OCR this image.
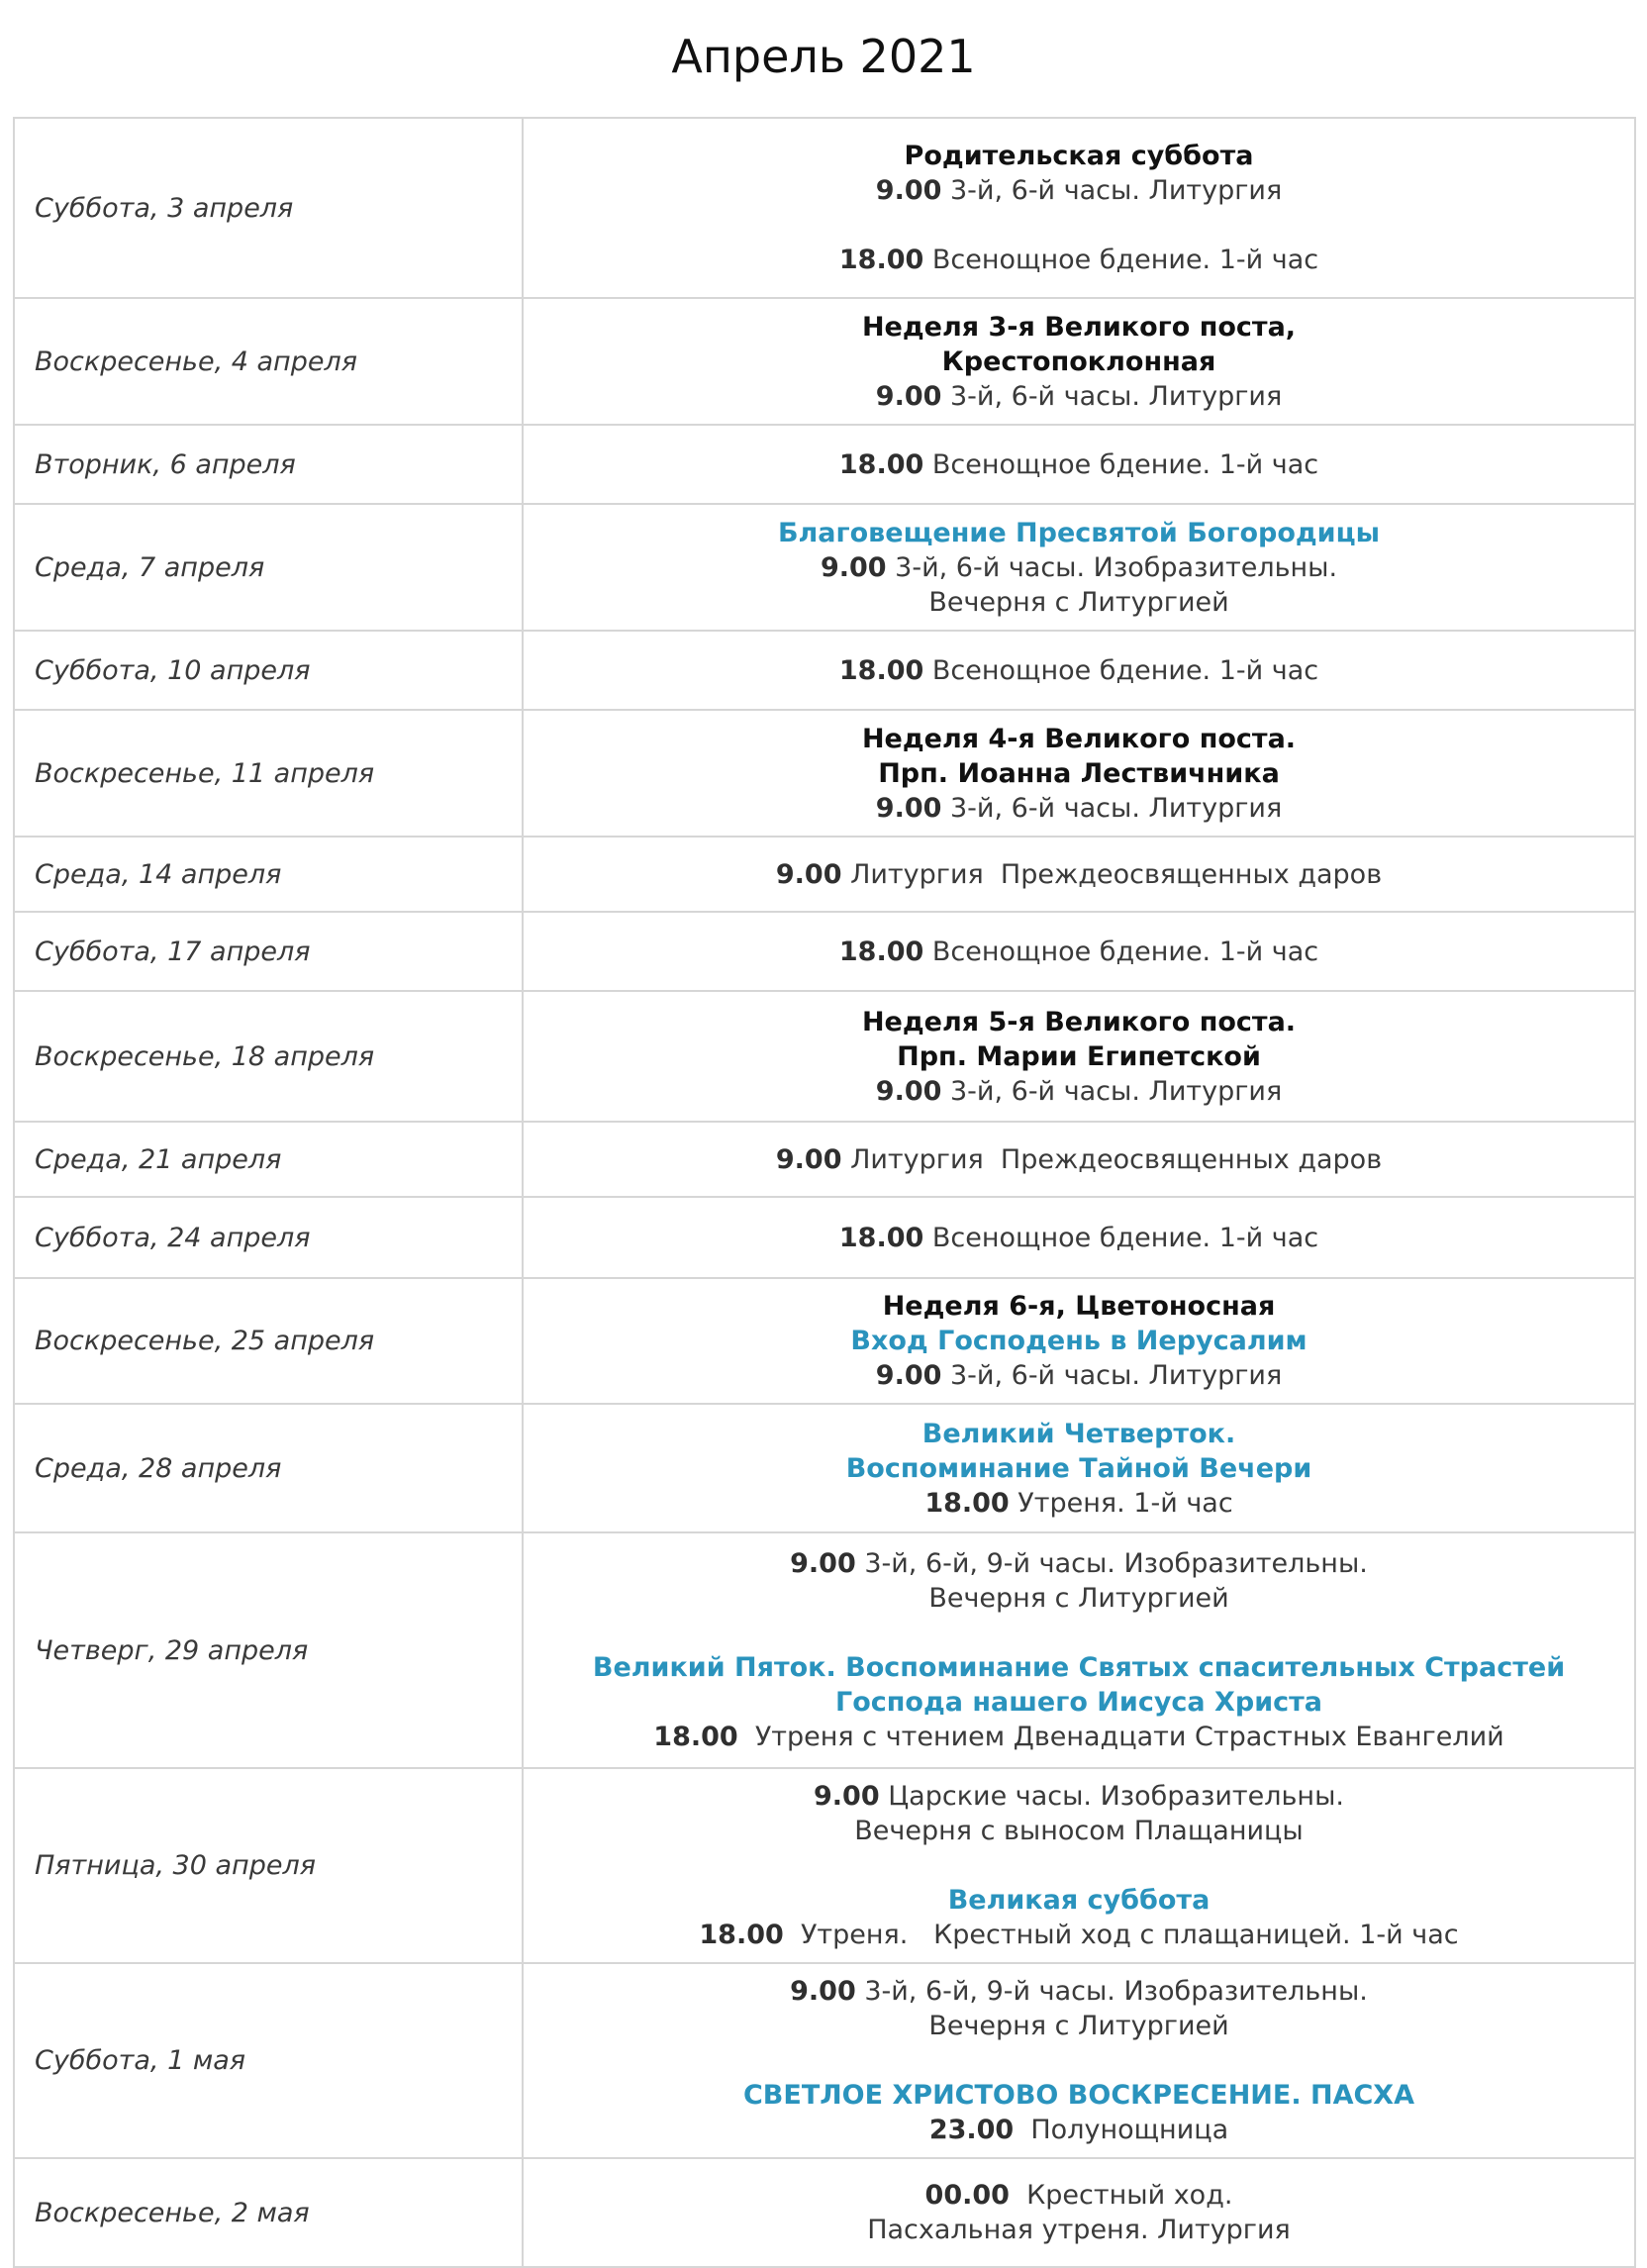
Апрель 2021
Суббота, 3 апреля	Родительская суббота
9.00 3-й, 6-й часы. Литургия
18.00 Всенощное бдение. 1-й час

Воскресенье, 4 апреля	Неделя 3-я Великого поста,
Крестопоклонная
9.00 3-й, 6-й часы. Литургия

Вторник, 6 апреля	18.00 Всенощное бдение. 1-й час

Среда, 7 апреля	Благовещение Пресвятой Богородицы
9.00 3-й, 6-й часы. Изобразительны.
Вечерня с Литургией

Суббота, 10 апреля	18.00 Всенощное бдение. 1-й час

Воскресенье, 11 апреля	Неделя 4-я Великого поста.
Прп. Иоанна Лествичника
9.00 3-й, 6-й часы. Литургия

Среда, 14 апреля	9.00 Литургия  Преждеосвященных даров

Суббота, 17 апреля	18.00 Всенощное бдение. 1-й час

Воскресенье, 18 апреля	Неделя 5-я Великого поста.
Прп. Марии Египетской
9.00 3-й, 6-й часы. Литургия

Среда, 21 апреля	9.00 Литургия  Преждеосвященных даров

Суббота, 24 апреля	18.00 Всенощное бдение. 1-й час

Воскресенье, 25 апреля	Неделя 6-я, Цветоносная
Вход Господень в Иерусалим
9.00 3-й, 6-й часы. Литургия

Среда, 28 апреля	Великий Четверток.
Воспоминание Тайной Вечери
18.00 Утреня. 1-й час

Четверг, 29 апреля	9.00 3-й, 6-й, 9-й часы. Изобразительны.
Вечерня с Литургией
Великий Пяток. Воспоминание Святых спасительных Страстей
Господа нашего Иисуса Христа
18.00  Утреня с чтением Двенадцати Страстных Евангелий

Пятница, 30 апреля	9.00 Царские часы. Изобразительны.
Вечерня с выносом Плащаницы
Великая суббота
18.00  Утреня.   Крестный ход с плащаницей. 1-й час

Суббота, 1 мая	9.00 3-й, 6-й, 9-й часы. Изобразительны.
Вечерня с Литургией
СВЕТЛОЕ ХРИСТОВО ВОСКРЕСЕНИЕ. ПАСХА
23.00  Полунощница

Воскресенье, 2 мая	00.00  Крестный ход.
Пасхальная утреня. Литургия
